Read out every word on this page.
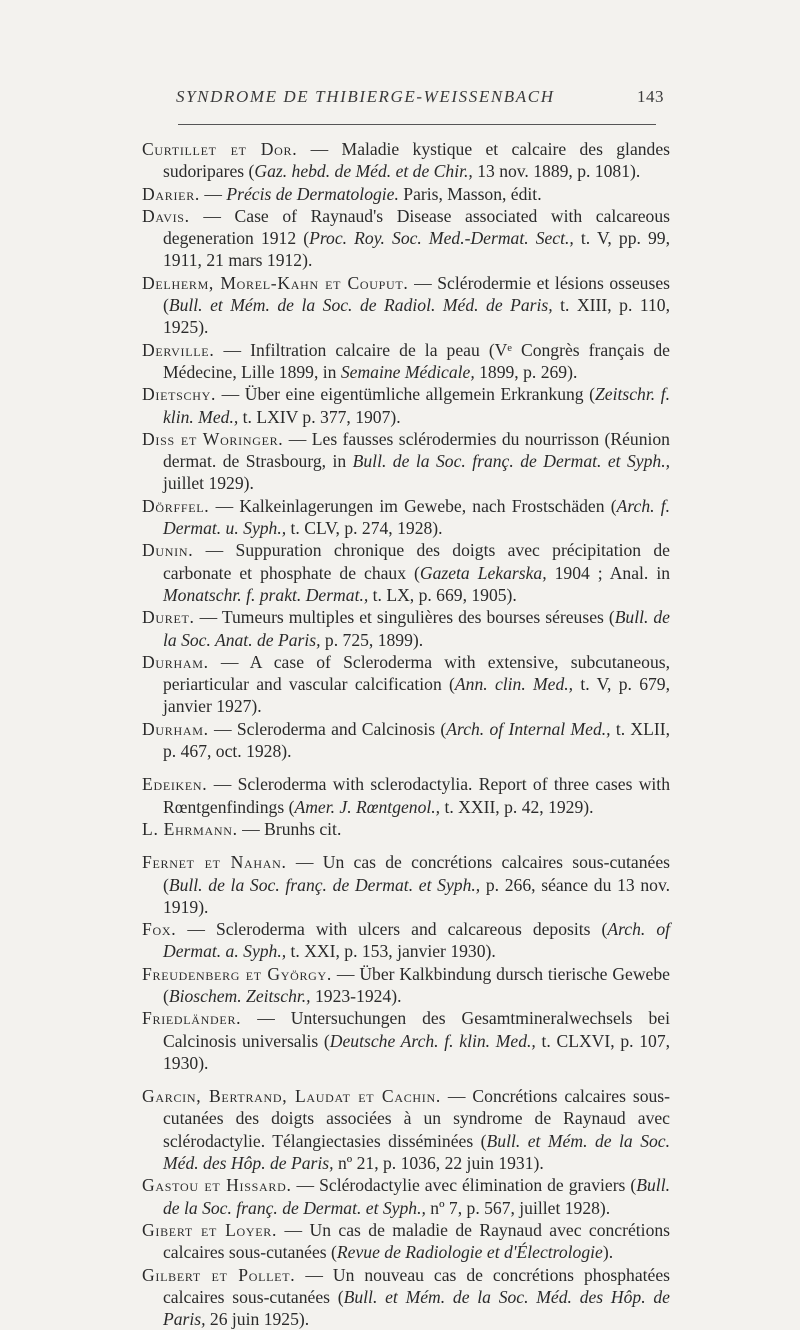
SYNDROME DE THIBIERGE-WEISSENBACH	143

Curtillet et Dor. — Maladie kystique et calcaire des glandes sudoripares (Gaz. hebd. de Méd. et de Chir., 13 nov. 1889, p. 1081).

Darier. — Précis de Dermatologie. Paris, Masson, édit.

Davis. — Case of Raynaud's Disease associated with calcareous degeneration 1912 (Proc. Roy. Soc. Med.-Dermat. Sect., t. V, pp. 99, 1911, 21 mars 1912).

Delherm, Morel-Kahn et Couput. — Sclérodermie et lésions osseuses (Bull. et Mém. de la Soc. de Radiol. Méd. de Paris, t. XIII, p. 110, 1925).

Derville. — Infiltration calcaire de la peau (Vᵉ Congrès français de Médecine, Lille 1899, in Semaine Médicale, 1899, p. 269).

Dietschy. — Über eine eigentümliche allgemein Erkrankung (Zeitschr. f. klin. Med., t. LXIV p. 377, 1907).

Diss et Woringer. — Les fausses sclérodermies du nourrisson (Réunion dermat. de Strasbourg, in Bull. de la Soc. franç. de Dermat. et Syph., juillet 1929).

Dörffel. — Kalkeinlagerungen im Gewebe, nach Frostschäden (Arch. f. Dermat. u. Syph., t. CLV, p. 274, 1928).

Dunin. — Suppuration chronique des doigts avec précipitation de carbonate et phosphate de chaux (Gazeta Lekarska, 1904 ; Anal. in Monatschr. f. prakt. Dermat., t. LX, p. 669, 1905).

Duret. — Tumeurs multiples et singulières des bourses séreuses (Bull. de la Soc. Anat. de Paris, p. 725, 1899).

Durham. — A case of Scleroderma with extensive, subcutaneous, periarticular and vascular calcification (Ann. clin. Med., t. V, p. 679, janvier 1927).

Durham. — Scleroderma and Calcinosis (Arch. of Internal Med., t. XLII, p. 467, oct. 1928).

Edeiken. — Scleroderma with sclerodactylia. Report of three cases with Rœntgenfindings (Amer. J. Rœntgenol., t. XXII, p. 42, 1929).

L. Ehrmann. — Brunhs cit.

Fernet et Nahan. — Un cas de concrétions calcaires sous-cutanées (Bull. de la Soc. franç. de Dermat. et Syph., p. 266, séance du 13 nov. 1919).

Fox. — Scleroderma with ulcers and calcareous deposits (Arch. of Dermat. a. Syph., t. XXI, p. 153, janvier 1930).

Freudenberg et György. — Über Kalkbindung dursch tierische Gewebe (Bioschem. Zeitschr., 1923-1924).

Friedländer. — Untersuchungen des Gesamtmineralwechsels bei Calcinosis universalis (Deutsche Arch. f. klin. Med., t. CLXVI, p. 107, 1930).

Garcin, Bertrand, Laudat et Cachin. — Concrétions calcaires sous-cutanées des doigts associées à un syndrome de Raynaud avec sclérodactylie. Télangiectasies disséminées (Bull. et Mém. de la Soc. Méd. des Hôp. de Paris, nº 21, p. 1036, 22 juin 1931).

Gastou et Hissard. — Sclérodactylie avec élimination de graviers (Bull. de la Soc. franç. de Dermat. et Syph., nº 7, p. 567, juillet 1928).

Gibert et Loyer. — Un cas de maladie de Raynaud avec concrétions calcaires sous-cutanées (Revue de Radiologie et d'Électrologie).

Gilbert et Pollet. — Un nouveau cas de concrétions phosphatées calcaires sous-cutanées (Bull. et Mém. de la Soc. Méd. des Hôp. de Paris, 26 juin 1925).
